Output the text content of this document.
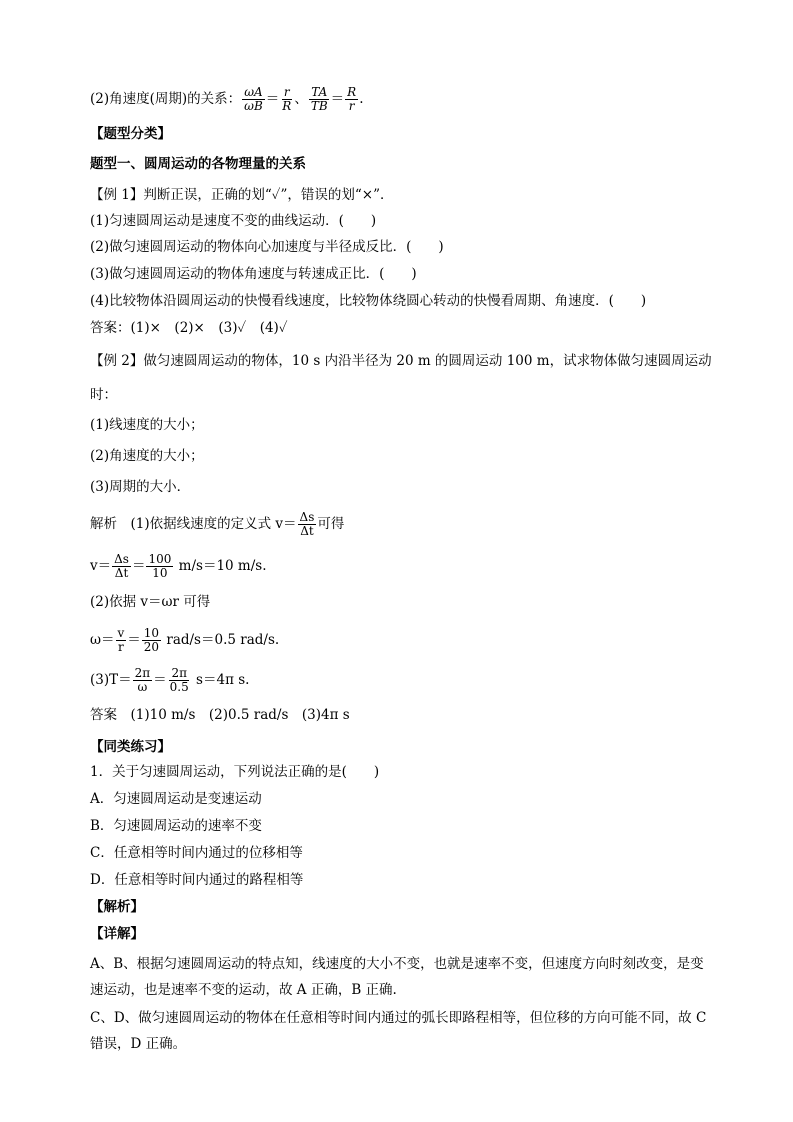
(2)角速度(周期)的关系： $\frac{\omega A}{\omega B} = \frac{r}{R}$ 、 $\frac{TA}{TB} = \frac{R}{r}$ .
【题型分类】
题型一、圆周运动的各物理量的关系
【例 1】判断正误，正确的划“✓”，错误的划“×”．
(1)匀速圆周运动是速度不变的曲线运动．(　　)
(2)做匀速圆周运动的物体向心加速度与半径成反比．(　　)
(3)做匀速圆周运动的物体角速度与转速成正比．(　　)
(4)比较物体沿圆周运动的快慢看线速度，比较物体绕圆心转动的快慢看周期、角速度．(　　)
答案：(1)×　(2)×　(3)✓　(4)✓
【例 2】做匀速圆周运动的物体，10 s 内沿半径为 20 m 的圆周运动 100 m，试求物体做匀速圆周运动
时：
(1)线速度的大小；
(2)角速度的大小；
(3)周期的大小．
解析　(1)依据线速度的定义式 $v= \frac{\Delta s}{\Delta t}$ 可得
$v= \frac{\Delta s}{\Delta t} = \frac{100}{10} m/s=10$ m/s.
(2)依据 v＝ωr 可得
$\omega= \frac{v}{r} = \frac{10}{20} rad/s=0.5$ rad/s.
$(3)T= \frac{2\pi}{\omega} = \frac{2\pi}{0.5} s=4\pi$ s.
答案　(1)10 m/s　(2)0.5 rad/s　(3)4π s
【同类练习】
1．关于匀速圆周运动，下列说法正确的是(　　)
A．匀速圆周运动是变速运动
B．匀速圆周运动的速率不变
C．任意相等时间内通过的位移相等
D．任意相等时间内通过的路程相等
【解析】
【详解】
A、B、根据匀速圆周运动的特点知，线速度的大小不变，也就是速率不变，但速度方向时刻改变，是变速运动，也是速率不变的运动，故 A 正确，B 正确.
C、D、做匀速圆周运动的物体在任意相等时间内通过的弧长即路程相等，但位移的方向可能不同，故 C 错误，D 正确。
